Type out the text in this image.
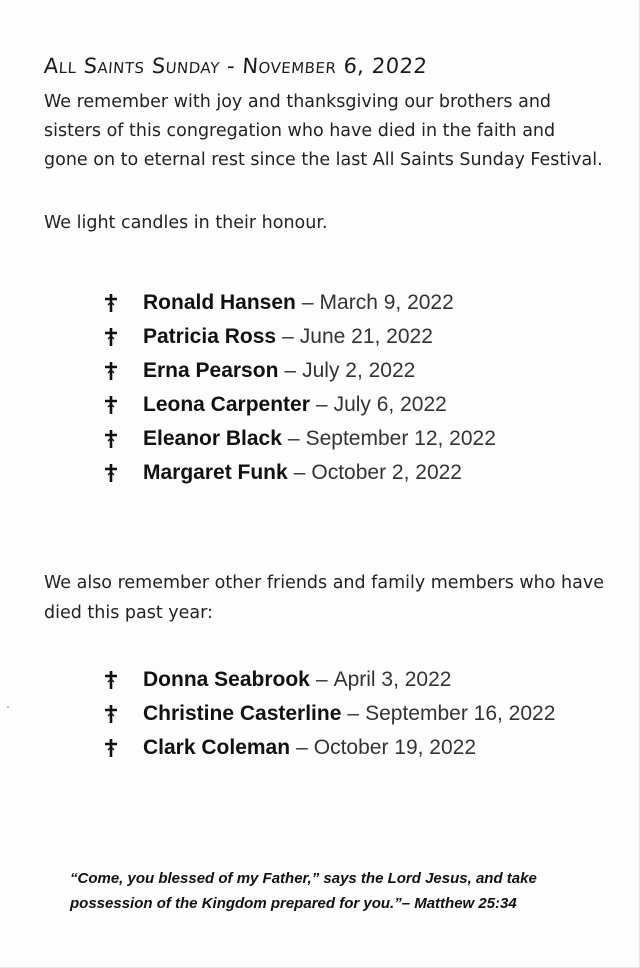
All Saints Sunday - November 6, 2022
We remember with joy and thanksgiving our brothers and sisters of this congregation who have died in the faith and gone on to eternal rest since the last All Saints Sunday Festival.
We light candles in their honour.
Ronald Hansen – March 9, 2022
Patricia Ross – June 21, 2022
Erna Pearson – July 2, 2022
Leona Carpenter – July 6, 2022
Eleanor Black – September 12, 2022
Margaret Funk – October 2, 2022
We also remember other friends and family members who have died this past year:
Donna Seabrook – April 3, 2022
Christine Casterline – September 16, 2022
Clark Coleman – October 19, 2022
“Come, you blessed of my Father,” says the Lord Jesus, and take possession of the Kingdom prepared for you.”– Matthew 25:34
